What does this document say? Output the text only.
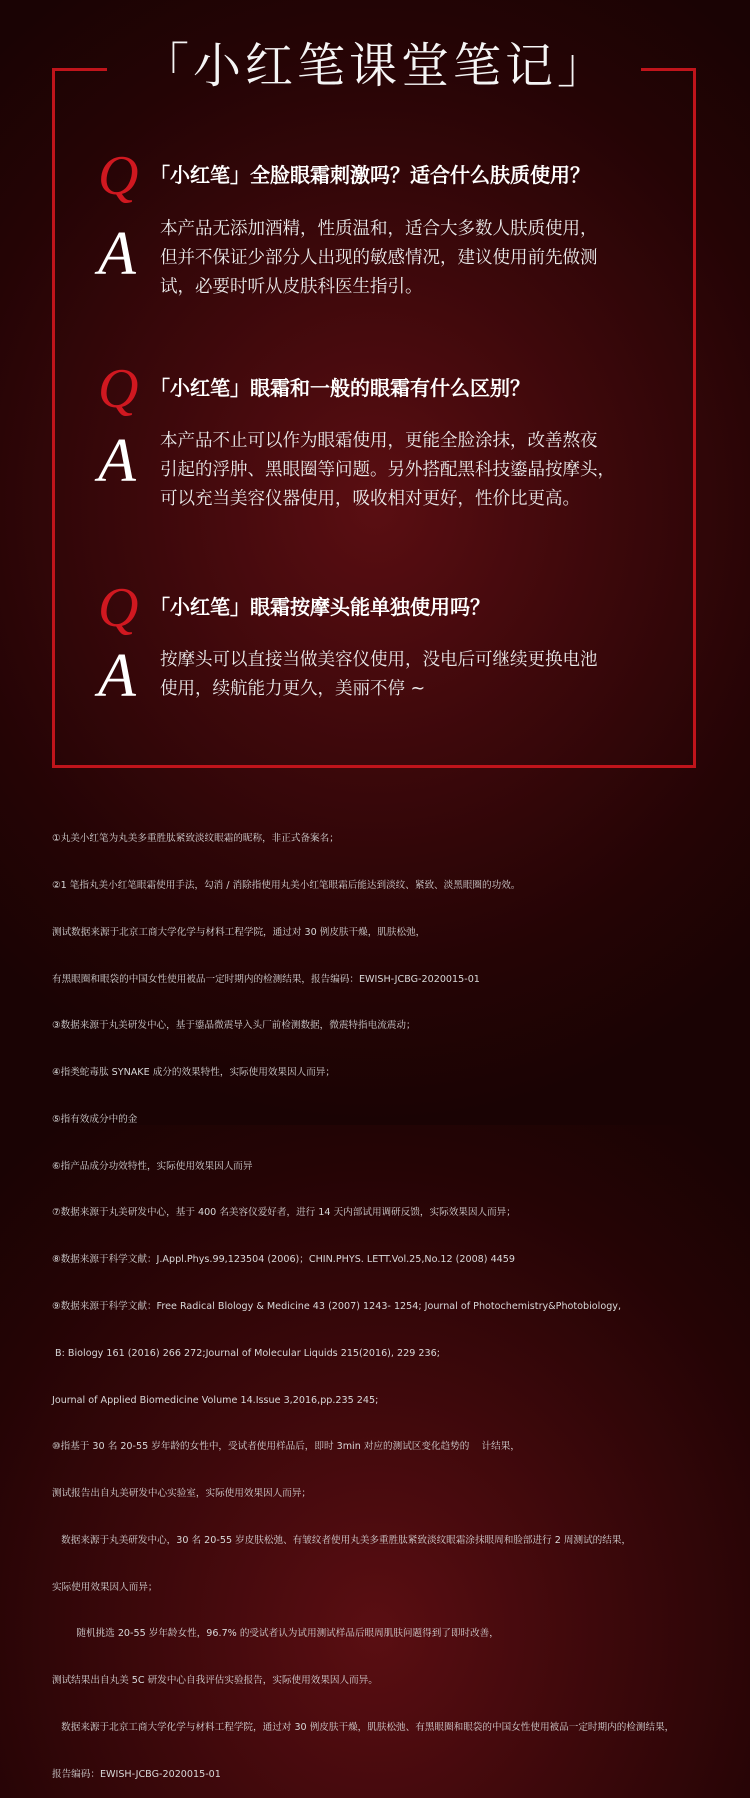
「小红笔课堂笔记」
Q 「小红笔」全脸眼霜刺激吗？适合什么肤质使用？
A	本产品无添加酒精，性质温和，适合大多数人肤质使用，
但并不保证少部分人出现的敏感情况，建议使用前先做测
试，必要时听从皮肤科医生指引。
Q 「小红笔」眼霜和一般的眼霜有什么区别？
A	本产品不止可以作为眼霜使用，更能全脸涂抹，改善熬夜
引起的浮肿、黑眼圈等问题。另外搭配黑科技鎏晶按摩头，
可以充当美容仪器使用，吸收相对更好，性价比更高。
Q 「小红笔」眼霜按摩头能单独使用吗？
A	按摩头可以直接当做美容仪使用，没电后可继续更换电池
使用，续航能力更久，美丽不停 ~

①丸美小红笔为丸美多重胜肽紧致淡纹眼霜的昵称，非正式备案名；

②1 笔指丸美小红笔眼霜使用手法，勾消 / 消除指使用丸美小红笔眼霜后能达到淡纹、紧致、淡黑眼圈的功效。

测试数据来源于北京工商大学化学与材料工程学院，通过对 30 例皮肤干燥，肌肤松弛，

有黑眼圈和眼袋的中国女性使用被品一定时期内的检测结果，报告编码：EWISH-JCBG-2020015-01

③数据来源于丸美研发中心，基于鎏晶微震导入头厂前检测数据，微震特指电流震动；

④指类蛇毒肽 SYNAKE 成分的效果特性，实际使用效果因人而异；

⑤指有效成分中的金

⑥指产品成分功效特性，实际使用效果因人而异

⑦数据来源于丸美研发中心，基于 400 名美容仪爱好者，进行 14 天内部试用调研反馈，实际效果因人而异；

⑧数据来源于科学文献：J.Appl.Phys.99,123504 (2006)；CHIN.PHYS. LETT.Vol.25,No.12 (2008) 4459

⑨数据来源于科学文献：Free Radical Blology & Medicine 43 (2007) 1243- 1254; Journal of Photochemistry&Photobiology,

B: Biology 161 (2016) 266 272;Journal of Molecular Liquids 215(2016), 229 236;

Journal of Applied Biomedicine Volume 14.Issue 3,2016,pp.235 245;

⑩指基于 30 名 20-55 岁年龄的女性中，受试者使用样品后，即时 3min 对应的测试区变化趋势的    计结果，

测试报告出自丸美研发中心实验室，实际使用效果因人而异；

数据来源于丸美研发中心，30 名 20-55 岁皮肤松弛、有皱纹者使用丸美多重胜肽紧致淡纹眼霜涂抹眼周和脸部进行 2 周测试的结果，

实际使用效果因人而异；

随机挑选 20-55 岁年龄女性，96.7% 的受试者认为试用测试样品后眼周肌肤问题得到了即时改善，

测试结果出自丸美 5C 研发中心自我评估实验报告，实际使用效果因人而异。

数据来源于北京工商大学化学与材料工程学院，通过对 30 例皮肤干燥，肌肤松弛、有黑眼圈和眼袋的中国女性使用被品一定时期内的检测结果，

报告编码：EWISH-JCBG-2020015-01
